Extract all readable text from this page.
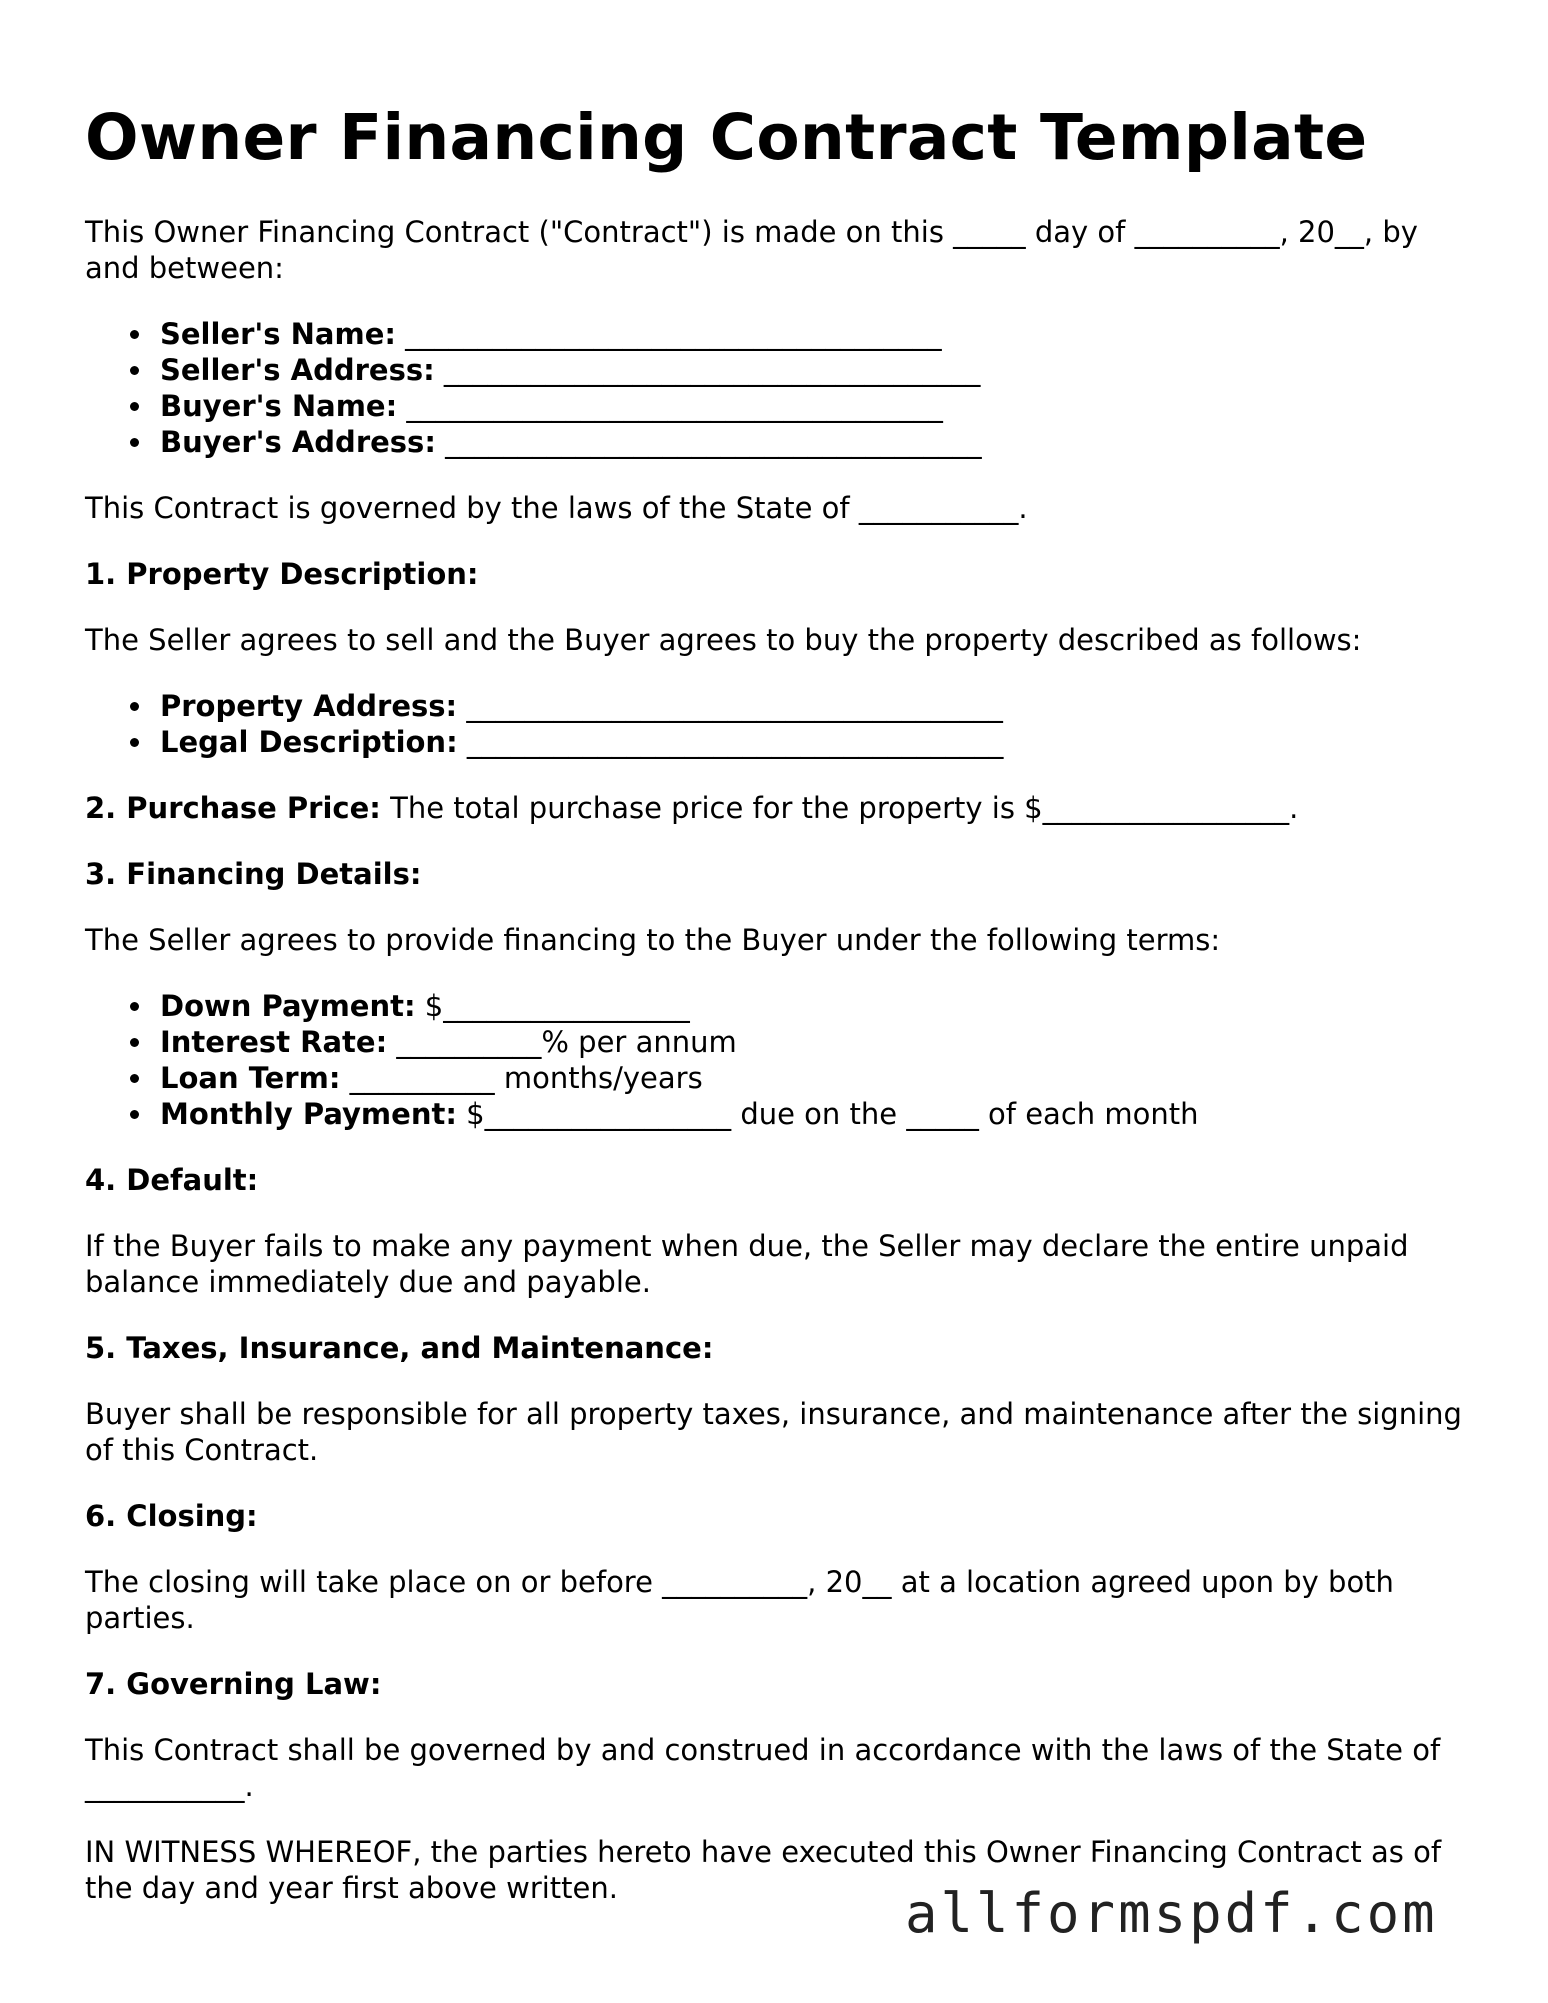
Owner Financing Contract Template

This Owner Financing Contract ("Contract") is made on this _____ day of __________, 20__, by and between:

Seller's Name: _____________________________________
Seller's Address: _____________________________________
Buyer's Name: _____________________________________
Buyer's Address: _____________________________________

This Contract is governed by the laws of the State of ___________.

1. Property Description:

The Seller agrees to sell and the Buyer agrees to buy the property described as follows:

Property Address: _____________________________________
Legal Description: _____________________________________

2. Purchase Price: The total purchase price for the property is $_________________.

3. Financing Details:

The Seller agrees to provide financing to the Buyer under the following terms:

Down Payment: $_________________
Interest Rate: __________% per annum
Loan Term: __________ months/years
Monthly Payment: $_________________ due on the _____ of each month
4. Default:

If the Buyer fails to make any payment when due, the Seller may declare the entire unpaid balance immediately due and payable.

5. Taxes, Insurance, and Maintenance:

Buyer shall be responsible for all property taxes, insurance, and maintenance after the signing of this Contract.

6. Closing:

The closing will take place on or before __________, 20__ at a location agreed upon by both parties.

7. Governing Law:

This Contract shall be governed by and construed in accordance with the laws of the State of ___________.

IN WITNESS WHEREOF, the parties hereto have executed this Owner Financing Contract as of the day and year first above written.	allformspdf.com
